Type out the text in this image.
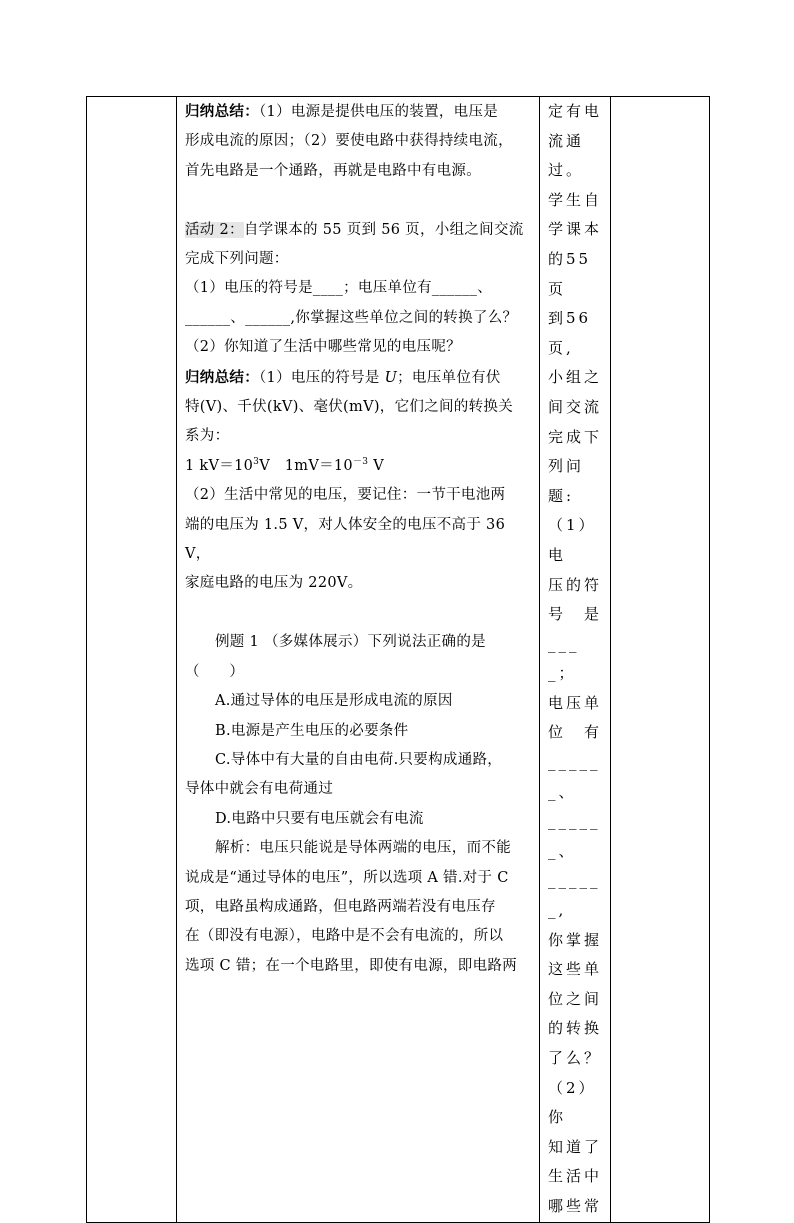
归纳总结：（1）电源是提供电压的装置，电压是

形成电流的原因；（2）要使电路中获得持续电流，

首先电路是一个通路，再就是电路中有电源。

活动 2：自学课本的 55 页到 56 页，小组之间交流

完成下列问题：

（1）电压的符号是____；电压单位有______、

______、______,你掌握这些单位之间的转换了么？

（2）你知道了生活中哪些常见的电压呢？

归纳总结：（1）电压的符号是 U；电压单位有伏

特(V)、千伏(kV)、毫伏(mV)，它们之间的转换关

系为：

1 $kV=10^3V$　$1mV=10^{-3}$ V

（2）生活中常见的电压，要记住：一节干电池两

端的电压为 1.5 V，对人体安全的电压不高于 36 V，

家庭电路的电压为 220V。

例题 1 （多媒体展示）下列说法正确的是

（　　）

A.通过导体的电压是形成电流的原因

B.电源是产生电压的必要条件

C.导体中有大量的自由电荷.只要构成通路，

导体中就会有电荷通过

D.电路中只要有电压就会有电流

解析：电压只能说是导体两端的电压，而不能

说成是“通过导体的电压”，所以选项 A 错.对于 C

项，电路虽构成通路，但电路两端若没有电压存

在（即没有电源），电路中是不会有电流的，所以

选项 C 错；在一个电路里，即使有电源，即电路两

定有电

流通过。

学生自

学课本

的55页

到56页,

小组之

间交流

完成下

列问题:

（1）电

压的符

号　是

____；

电压单

位　有

______、

______、

______,

你掌握

这些单

位之间

的转换

了么？

（2）你

知道了

生活中

哪些常
